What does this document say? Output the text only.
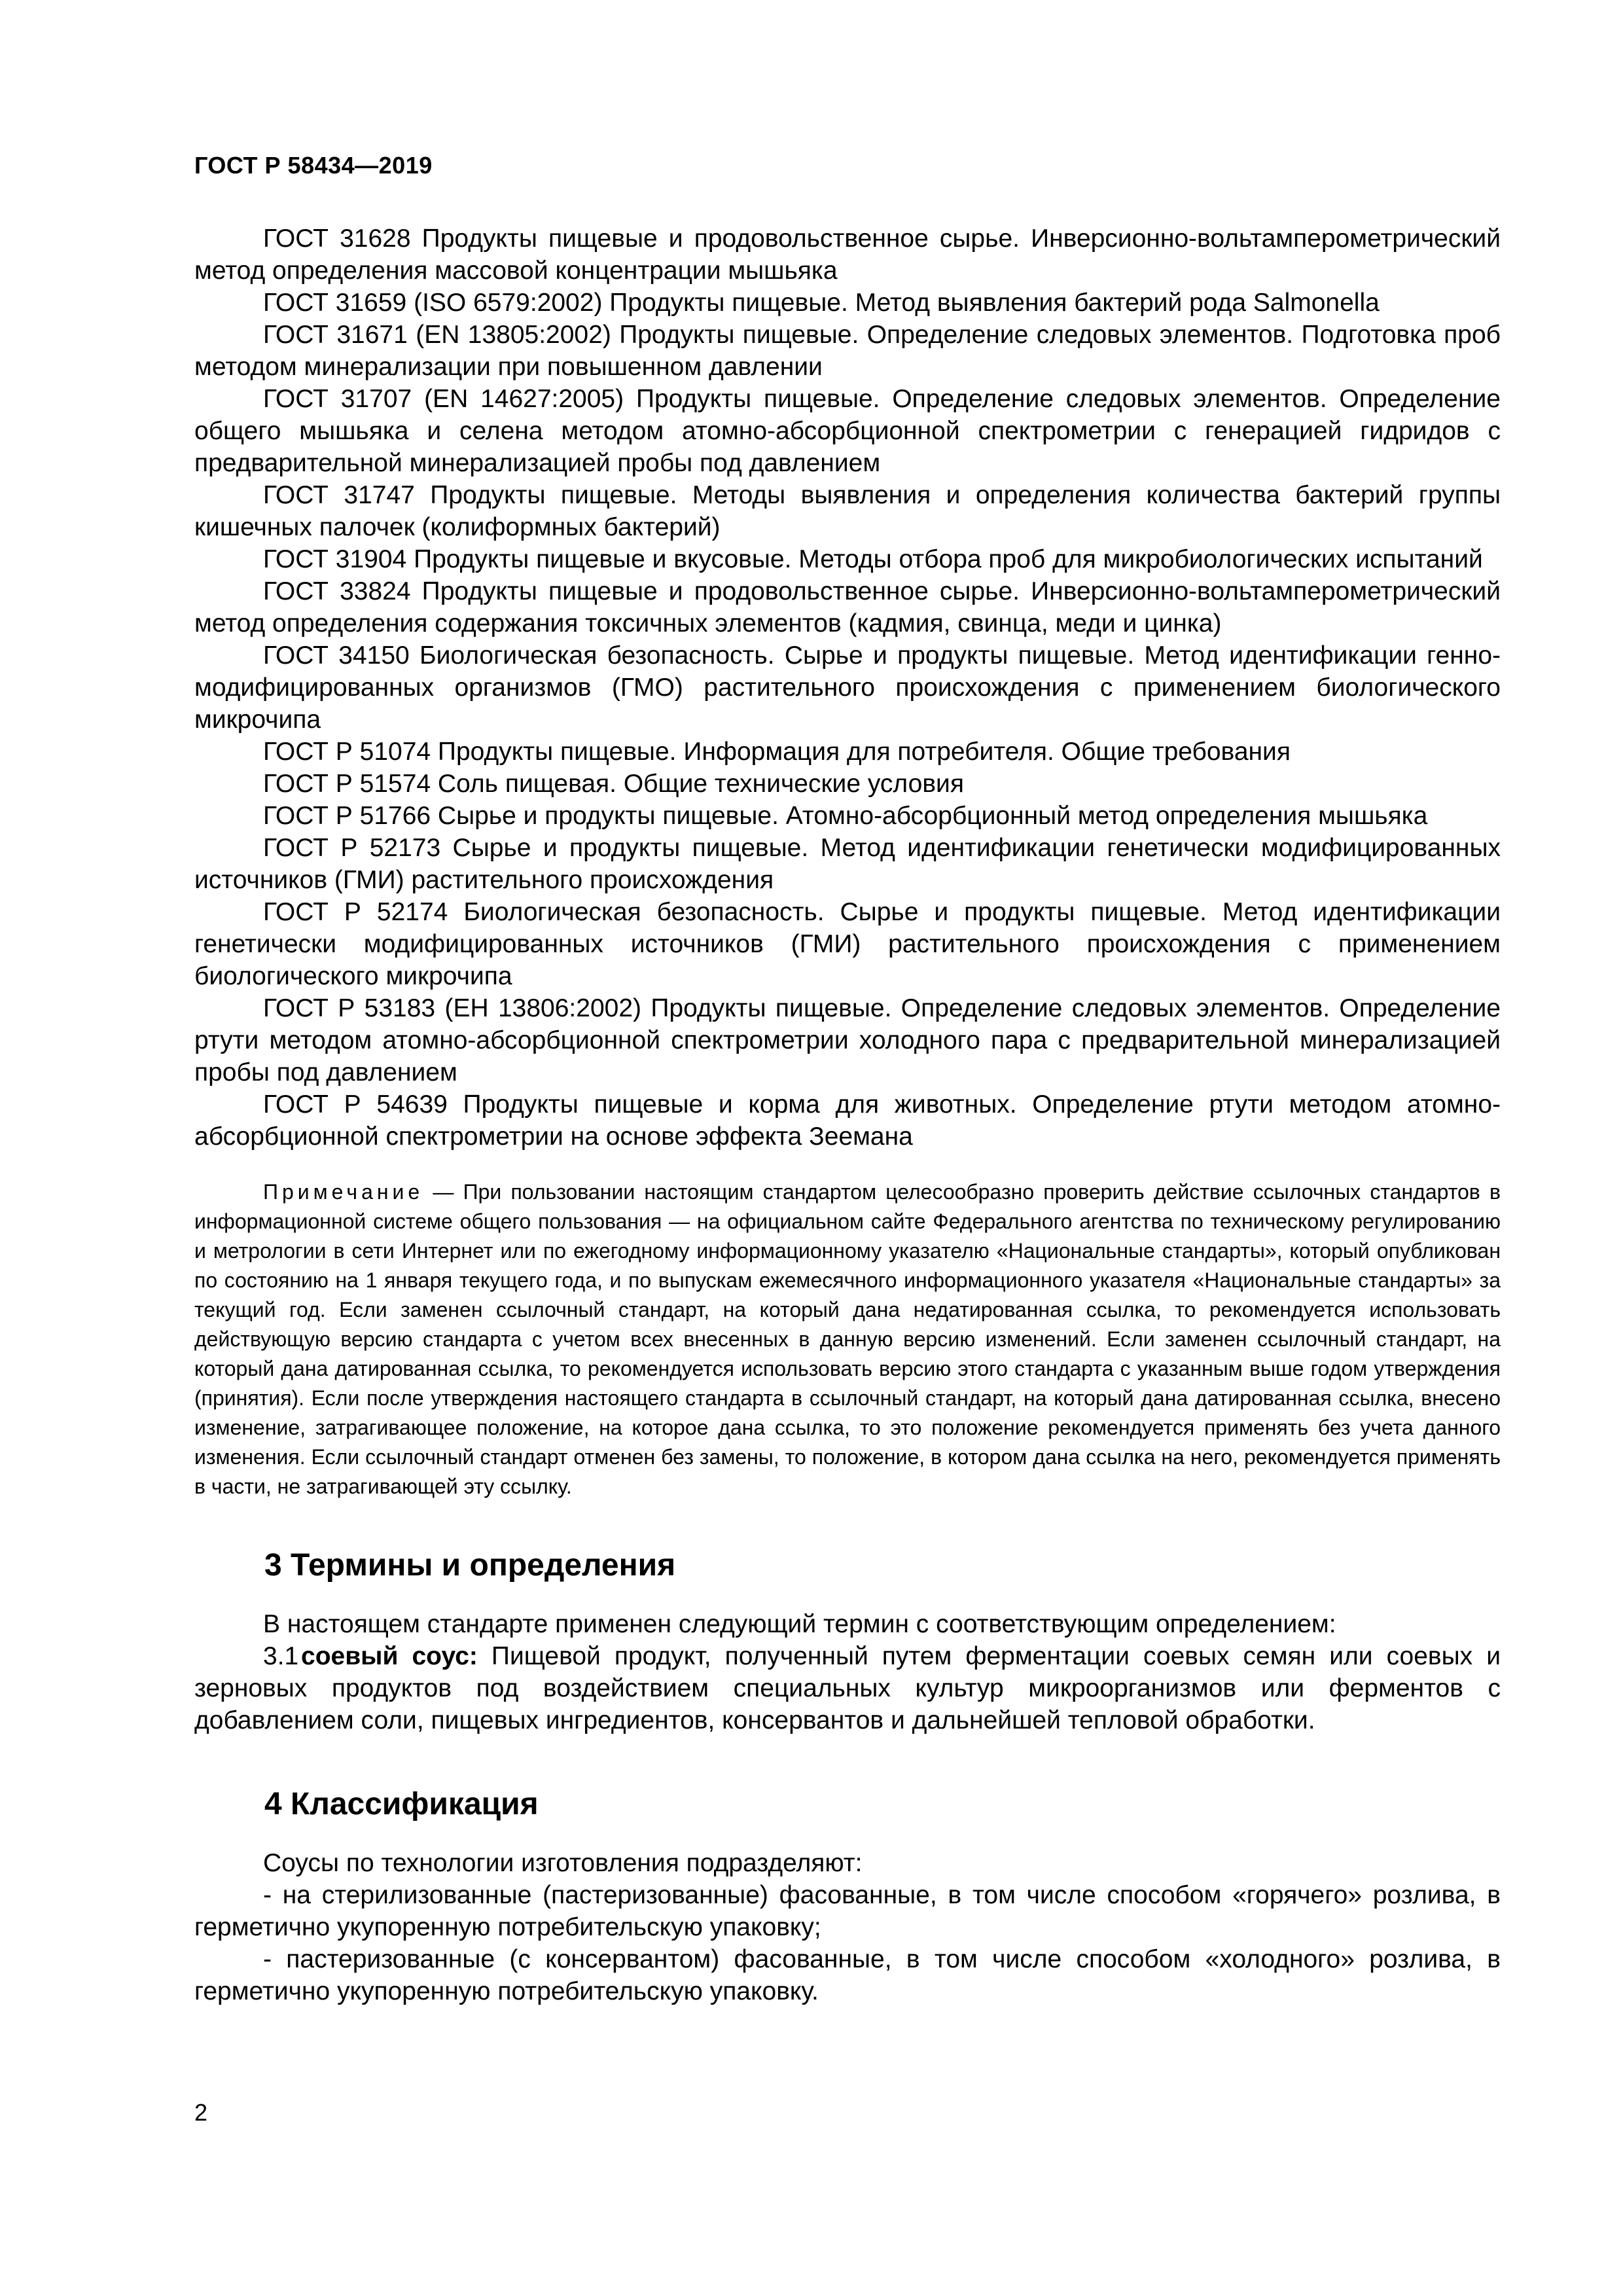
ГОСТ Р 58434—2019

ГОСТ 31628 Продукты пищевые и продовольственное сырье. Инверсионно-вольтамперометрический метод определения массовой концентрации мышьяка

ГОСТ 31659 (ISO 6579:2002) Продукты пищевые. Метод выявления бактерий рода Salmonella

ГОСТ 31671 (EN 13805:2002) Продукты пищевые. Определение следовых элементов. Подготовка проб методом минерализации при повышенном давлении

ГОСТ 31707 (EN 14627:2005) Продукты пищевые. Определение следовых элементов. Определение общего мышьяка и селена методом атомно-абсорбционной спектрометрии с генерацией гидридов с предварительной минерализацией пробы под давлением

ГОСТ 31747 Продукты пищевые. Методы выявления и определения количества бактерий группы кишечных палочек (колиформных бактерий)

ГОСТ 31904 Продукты пищевые и вкусовые. Методы отбора проб для микробиологических испытаний

ГОСТ 33824 Продукты пищевые и продовольственное сырье. Инверсионно-вольтамперометрический метод определения содержания токсичных элементов (кадмия, свинца, меди и цинка)

ГОСТ 34150 Биологическая безопасность. Сырье и продукты пищевые. Метод идентификации генно-модифицированных организмов (ГМО) растительного происхождения с применением биологического микрочипа

ГОСТ Р 51074 Продукты пищевые. Информация для потребителя. Общие требования

ГОСТ Р 51574 Соль пищевая. Общие технические условия

ГОСТ Р 51766 Сырье и продукты пищевые. Атомно-абсорбционный метод определения мышьяка

ГОСТ Р 52173 Сырье и продукты пищевые. Метод идентификации генетически модифицированных источников (ГМИ) растительного происхождения

ГОСТ Р 52174 Биологическая безопасность. Сырье и продукты пищевые. Метод идентификации генетически модифицированных источников (ГМИ) растительного происхождения с применением биологического микрочипа

ГОСТ Р 53183 (ЕН 13806:2002) Продукты пищевые. Определение следовых элементов. Определение ртути методом атомно-абсорбционной спектрометрии холодного пара с предварительной минерализацией пробы под давлением

ГОСТ Р 54639 Продукты пищевые и корма для животных. Определение ртути методом атомно-абсорбционной спектрометрии на основе эффекта Зеемана

Примечание — При пользовании настоящим стандартом целесообразно проверить действие ссылочных стандартов в информационной системе общего пользования — на официальном сайте Федерального агентства по техническому регулированию и метрологии в сети Интернет или по ежегодному информационному указателю «Национальные стандарты», который опубликован по состоянию на 1 января текущего года, и по выпускам ежемесячного информационного указателя «Национальные стандарты» за текущий год. Если заменен ссылочный стандарт, на который дана недатированная ссылка, то рекомендуется использовать действующую версию стандарта с учетом всех внесенных в данную версию изменений. Если заменен ссылочный стандарт, на который дана датированная ссылка, то рекомендуется использовать версию этого стандарта с указанным выше годом утверждения (принятия). Если после утверждения настоящего стандарта в ссылочный стандарт, на который дана датированная ссылка, внесено изменение, затрагивающее положение, на которое дана ссылка, то это положение рекомендуется применять без учета данного изменения. Если ссылочный стандарт отменен без замены, то положение, в котором дана ссылка на него, рекомендуется применять в части, не затрагивающей эту ссылку.

3 Термины и определения

В настоящем стандарте применен следующий термин с соответствующим определением:

3.1соевый соус: Пищевой продукт, полученный путем ферментации соевых семян или соевых и зерновых продуктов под воздействием специальных культур микроорганизмов или ферментов с добавлением соли, пищевых ингредиентов, консервантов и дальнейшей тепловой обработки.

4 Классификация

Соусы по технологии изготовления подразделяют:

- на стерилизованные (пастеризованные) фасованные, в том числе способом «горячего» розлива, в герметично укупоренную потребительскую упаковку;

- пастеризованные (с консервантом) фасованные, в том числе способом «холодного» розлива, в герметично укупоренную потребительскую упаковку.

2
